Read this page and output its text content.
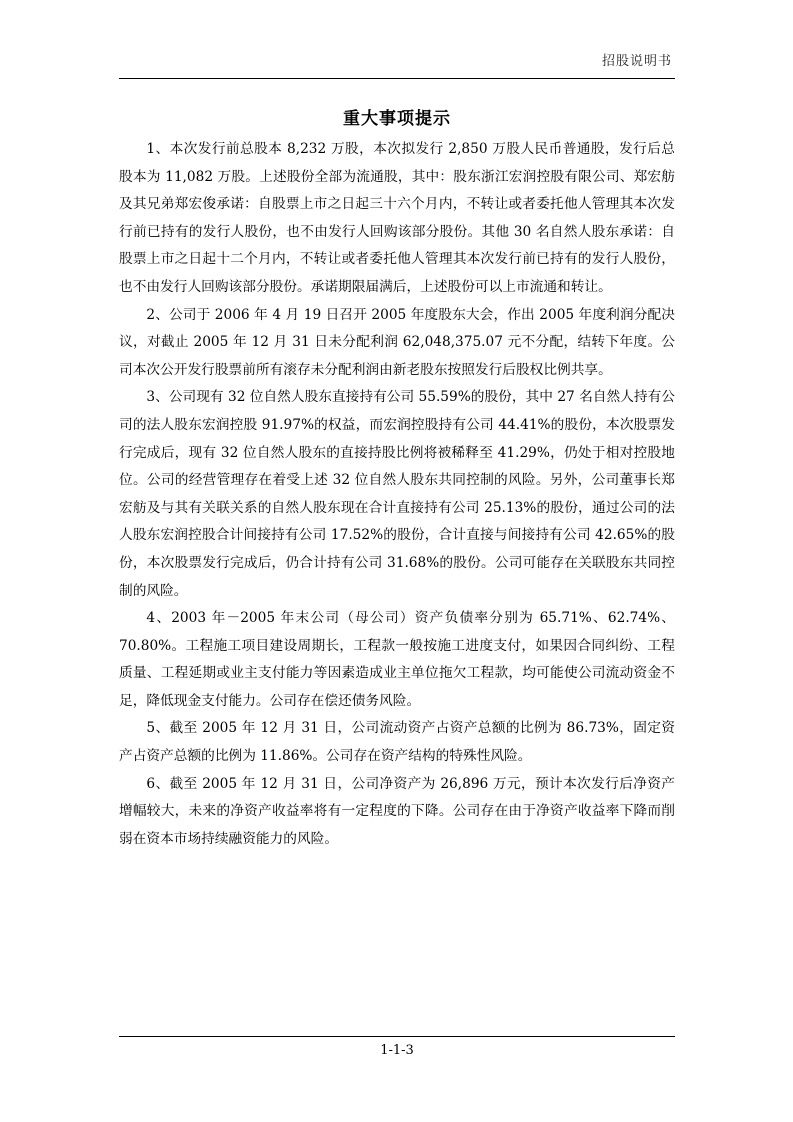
招股说明书
重大事项提示

1、本次发行前总股本 8,232 万股，本次拟发行 2,850 万股人民币普通股，发行后总股本为 11,082 万股。上述股份全部为流通股，其中：股东浙江宏润控股有限公司、郑宏舫及其兄弟郑宏俊承诺：自股票上市之日起三十六个月内，不转让或者委托他人管理其本次发行前已持有的发行人股份，也不由发行人回购该部分股份。其他 30 名自然人股东承诺：自股票上市之日起十二个月内，不转让或者委托他人管理其本次发行前已持有的发行人股份，也不由发行人回购该部分股份。承诺期限届满后，上述股份可以上市流通和转让。

2、公司于 2006 年 4 月 19 日召开 2005 年度股东大会，作出 2005 年度利润分配决议，对截止 2005 年 12 月 31 日未分配利润 62,048,375.07 元不分配，结转下年度。公司本次公开发行股票前所有滚存未分配利润由新老股东按照发行后股权比例共享。

3、公司现有 32 位自然人股东直接持有公司 55.59%的股份，其中 27 名自然人持有公司的法人股东宏润控股 91.97%的权益，而宏润控股持有公司 44.41%的股份，本次股票发行完成后，现有 32 位自然人股东的直接持股比例将被稀释至 41.29%，仍处于相对控股地位。公司的经营管理存在着受上述 32 位自然人股东共同控制的风险。另外，公司董事长郑宏舫及与其有关联关系的自然人股东现在合计直接持有公司 25.13%的股份，通过公司的法人股东宏润控股合计间接持有公司 17.52%的股份，合计直接与间接持有公司 42.65%的股份，本次股票发行完成后，仍合计持有公司 31.68%的股份。公司可能存在关联股东共同控制的风险。

4、2003 年－2005 年末公司（母公司）资产负债率分别为 65.71%、62.74%、70.80%。工程施工项目建设周期长，工程款一般按施工进度支付，如果因合同纠纷、工程质量、工程延期或业主支付能力等因素造成业主单位拖欠工程款，均可能使公司流动资金不足，降低现金支付能力。公司存在偿还债务风险。

5、截至 2005 年 12 月 31 日，公司流动资产占资产总额的比例为 86.73%，固定资产占资产总额的比例为 11.86%。公司存在资产结构的特殊性风险。

6、截至 2005 年 12 月 31 日，公司净资产为 26,896 万元，预计本次发行后净资产增幅较大，未来的净资产收益率将有一定程度的下降。公司存在由于净资产收益率下降而削弱在资本市场持续融资能力的风险。

1-1-3
